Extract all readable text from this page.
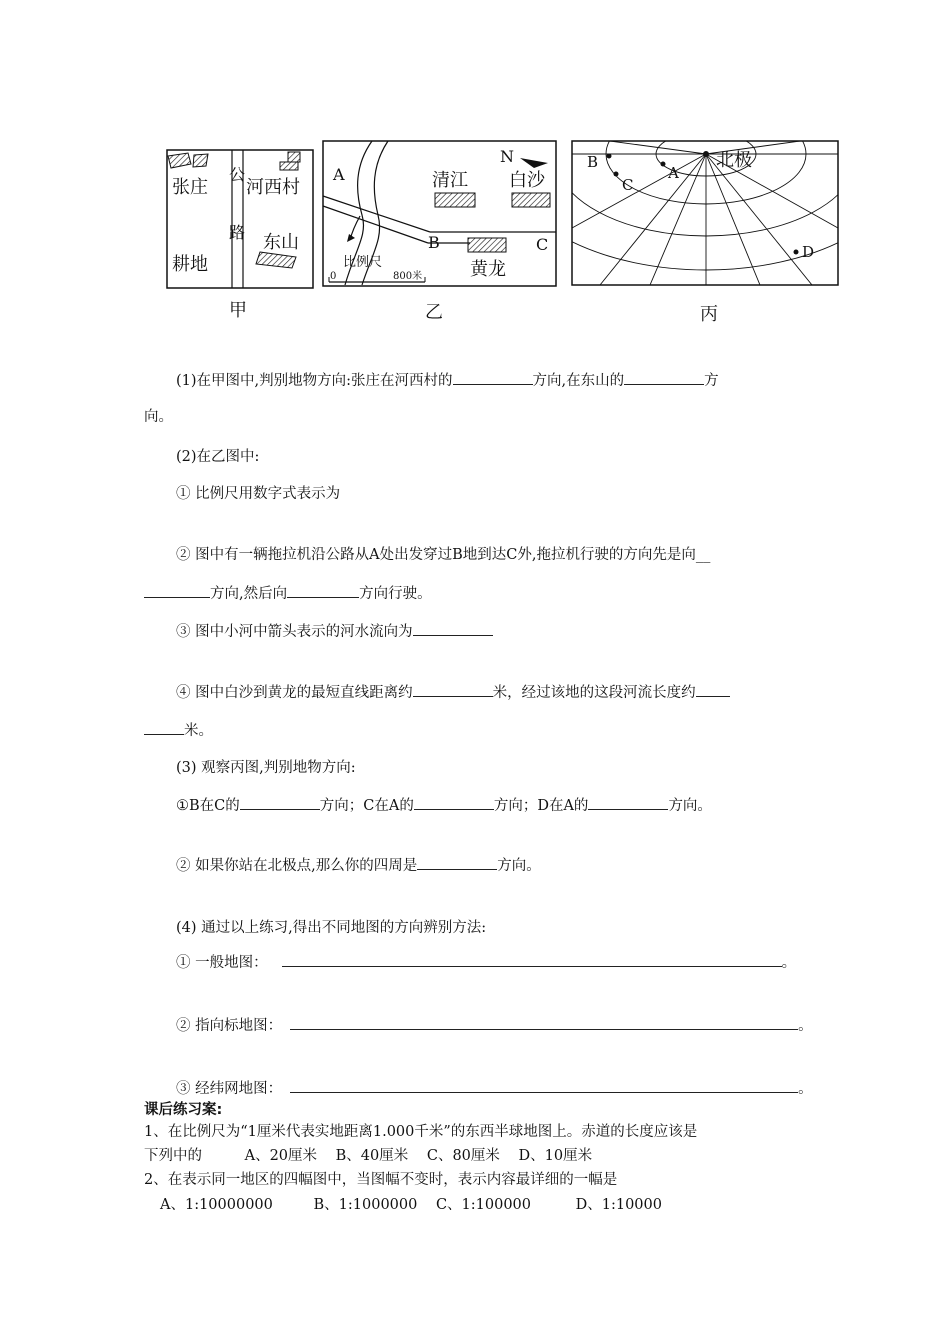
张庄
公
路
河西村
东山
耕地
甲
N
A
B	C
清江 白沙
黄龙
比例尺
0	800米
乙
北极
B
C
A
D
丙
(1)在甲图中,判别地物方向:张庄在河西村的	方向,在东山的	方
向。
(2)在乙图中:
① 比例尺用数字式表示为
② 图中有一辆拖拉机沿公路从A处出发穿过B地到达C外,拖拉机行驶的方向先是向__
方向,然后向	方向行驶。
③ 图中小河中箭头表示的河水流向为
④ 图中白沙到黄龙的最短直线距离约	米，经过该地的这段河流长度约
米。
(3) 观察丙图,判别地物方向:
①B在C的	方向；C在A的	方向；D在A的	方向。
② 如果你站在北极点,那么你的四周是	方向。
(4) 通过以上练习,得出不同地图的方向辨别方法:
① 一般地图：	。
② 指向标地图：	。
③ 经纬网地图：	。
课后练习案:
1、在比例尺为“1厘米代表实地距离1.000千米”的东西半球地图上。赤道的长度应该是
下列中的	A、20厘米 B、40厘米 C、80厘米 D、10厘米
2、在表示同一地区的四幅图中，当图幅不变时，表示内容最详细的一幅是
A、1:10000000	B、1:1000000 C、1:100000	D、1:10000
